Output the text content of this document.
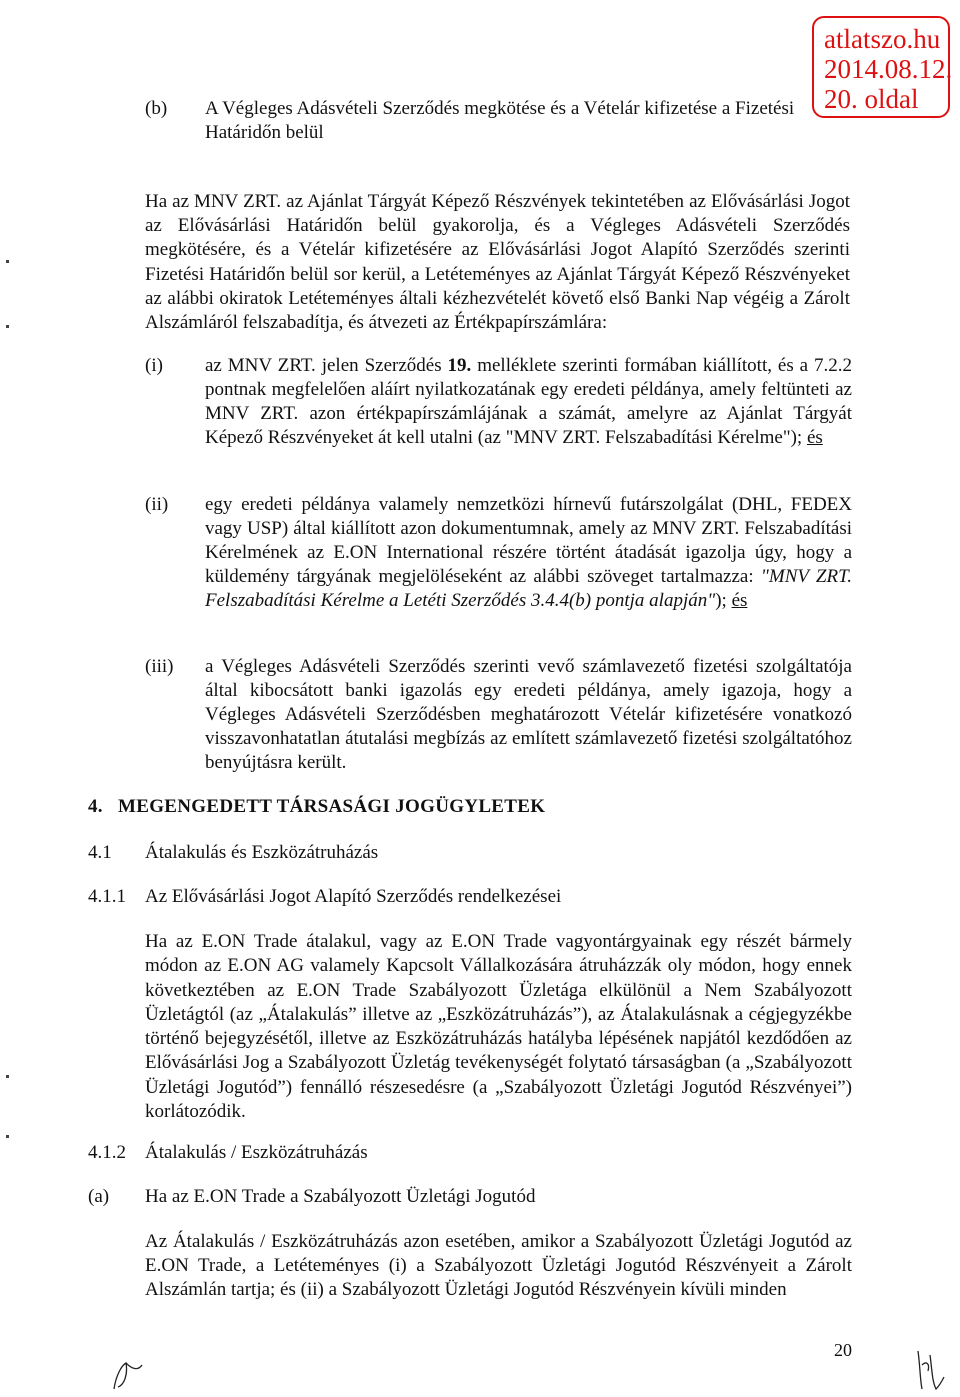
atlatszo.hu
2014.08.12.
20. oldal
(b) A Végleges Adásvételi Szerződés megkötése és a Vételár kifizetése a Fizetési
Határidőn belül
Ha az MNV ZRT. az Ajánlat Tárgyát Képező Részvények tekintetében az Elővásárlási Jogot az Elővásárlási Határidőn belül gyakorolja, és a Végleges Adásvételi Szerződés megkötésére, és a Vételár kifizetésére az Elővásárlási Jogot Alapító Szerződés szerinti Fizetési Határidőn belül sor kerül, a Letéteményes az Ajánlat Tárgyát Képező Részvényeket az alábbi okiratok Letéteményes általi kézhezvételét követő első Banki Nap végéig a Zárolt Alszámláról felszabadítja, és átvezeti az Értékpapírszámlára:
(i) az MNV ZRT. jelen Szerződés 19. melléklete szerinti formában kiállított, és a 7.2.2 pontnak megfelelően aláírt nyilatkozatának egy eredeti példánya, amely feltünteti az MNV ZRT. azon értékpapírszámlájának a számát, amelyre az Ajánlat Tárgyát Képező Részvényeket át kell utalni (az "MNV ZRT. Felszabadítási Kérelme"); és
(ii) egy eredeti példánya valamely nemzetközi hírnevű futárszolgálat (DHL, FEDEX vagy USP) által kiállított azon dokumentumnak, amely az MNV ZRT. Felszabadítási Kérelmének az E.ON International részére történt átadását igazolja úgy, hogy a küldemény tárgyának megjelöléseként az alábbi szöveget tartalmazza: "MNV ZRT. Felszabadítási Kérelme a Letéti Szerződés 3.4.4(b) pontja alapján"); és
(iii) a Végleges Adásvételi Szerződés szerinti vevő számlavezető fizetési szolgáltatója által kibocsátott banki igazolás egy eredeti példánya, amely igazoja, hogy a Végleges Adásvételi Szerződésben meghatározott Vételár kifizetésére vonatkozó visszavonhatatlan átutalási megbízás az említett számlavezető fizetési szolgáltatóhoz benyújtásra került.
4. MEGENGEDETT TÁRSASÁGI JOGÜGYLETEK
4.1 Átalakulás és Eszközátruházás
4.1.1 Az Elővásárlási Jogot Alapító Szerződés rendelkezései
Ha az E.ON Trade átalakul, vagy az E.ON Trade vagyontárgyainak egy részét bármely módon az E.ON AG valamely Kapcsolt Vállalkozására átruházzák oly módon, hogy ennek következtében az E.ON Trade Szabályozott Üzletága elkülönül a Nem Szabályozott Üzletágtól (az „Átalakulás” illetve az „Eszközátruházás”), az Átalakulásnak a cégjegyzékbe történő bejegyzésétől, illetve az Eszközátruházás hatályba lépésének napjától kezdődően az Elővásárlási Jog a Szabályozott Üzletág tevékenységét folytató társaságban (a „Szabályozott Üzletági Jogutód”) fennálló részesedésre (a „Szabályozott Üzletági Jogutód Részvényei”) korlátozódik.
4.1.2 Átalakulás / Eszközátruházás
(a) Ha az E.ON Trade a Szabályozott Üzletági Jogutód
Az Átalakulás / Eszközátruházás azon esetében, amikor a Szabályozott Üzletági Jogutód az E.ON Trade, a Letéteményes (i) a Szabályozott Üzletági Jogutód Részvényeit a Zárolt Alszámlán tartja; és (ii) a Szabályozott Üzletági Jogutód Részvényein kívüli minden
20
